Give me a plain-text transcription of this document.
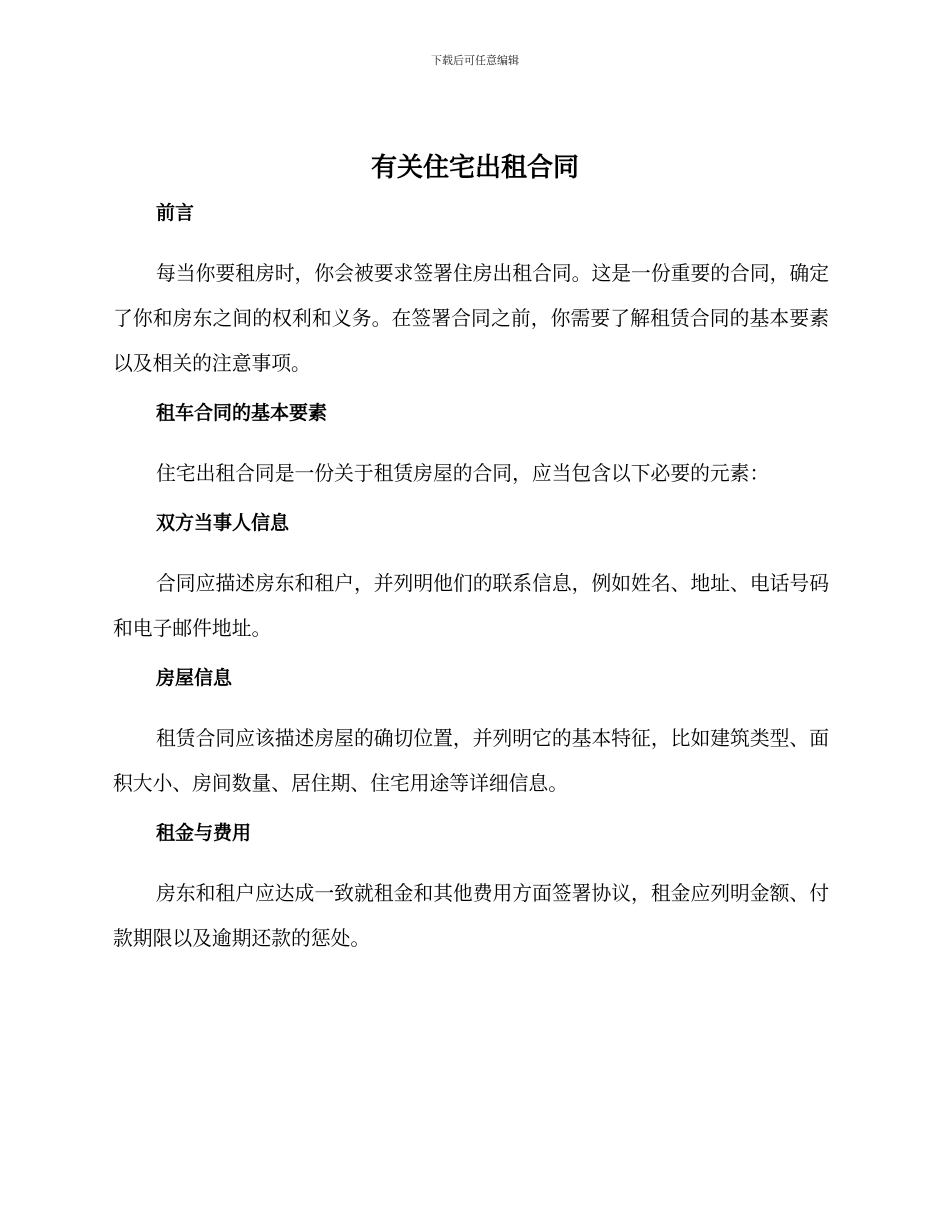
下载后可任意编辑
有关住宅出租合同
前言

每当你要租房时，你会被要求签署住房出租合同。这是一份重要的合同，确定了你和房东之间的权利和义务。在签署合同之前，你需要了解租赁合同的基本要素以及相关的注意事项。

租车合同的基本要素

住宅出租合同是一份关于租赁房屋的合同，应当包含以下必要的元素：

双方当事人信息

合同应描述房东和租户，并列明他们的联系信息，例如姓名、地址、电话号码和电子邮件地址。

房屋信息

租赁合同应该描述房屋的确切位置，并列明它的基本特征，比如建筑类型、面积大小、房间数量、居住期、住宅用途等详细信息。

租金与费用

房东和租户应达成一致就租金和其他费用方面签署协议，租金应列明金额、付款期限以及逾期还款的惩处。
